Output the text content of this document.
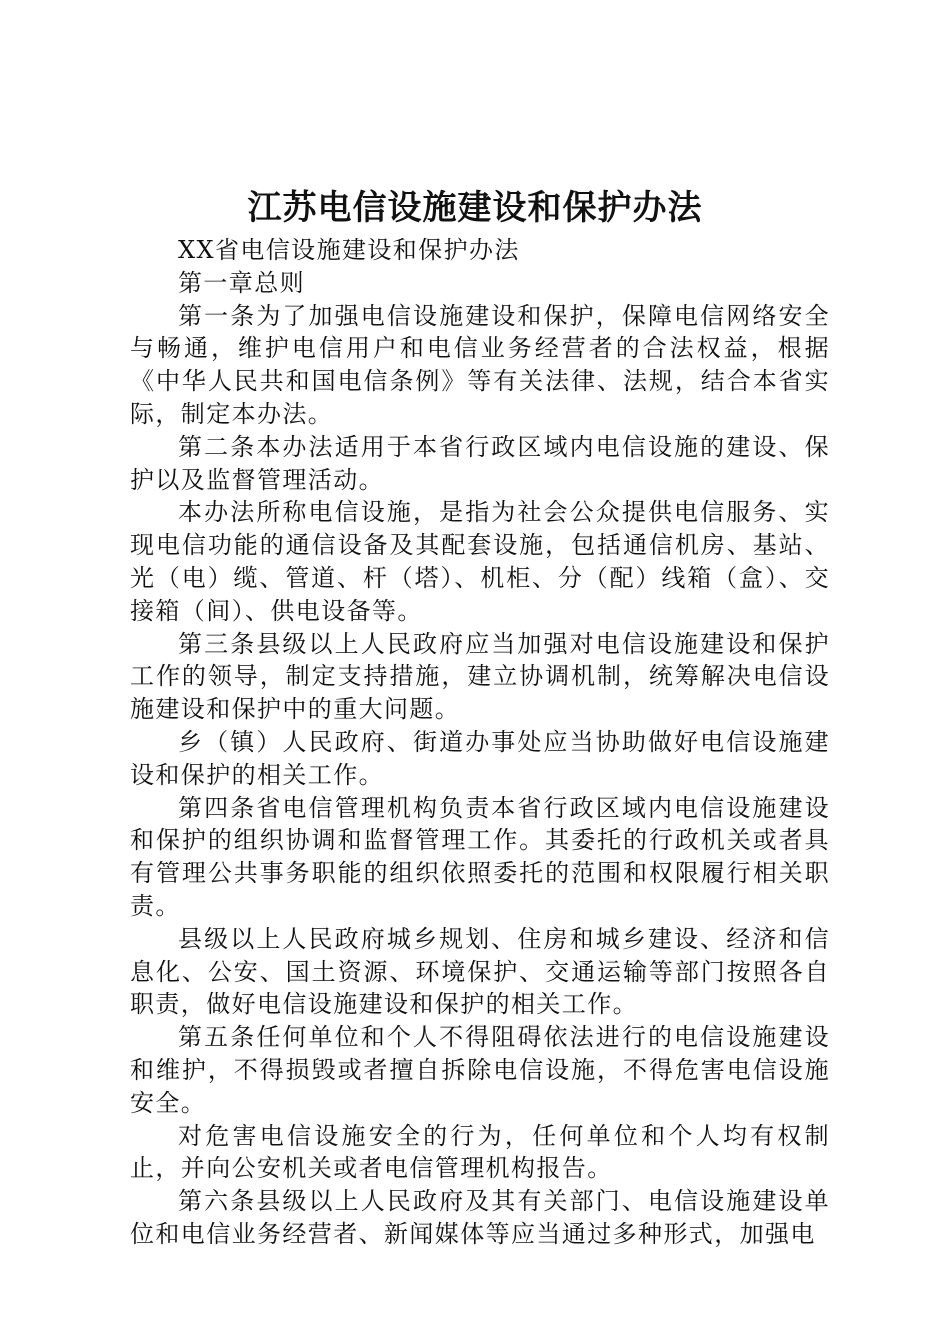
江苏电信设施建设和保护办法

XX省电信设施建设和保护办法

第一章总则

第一条为了加强电信设施建设和保护，保障电信网络安全与畅通，维护电信用户和电信业务经营者的合法权益，根据《中华人民共和国电信条例》等有关法律、法规，结合本省实际，制定本办法。

第二条本办法适用于本省行政区域内电信设施的建设、保护以及监督管理活动。

本办法所称电信设施，是指为社会公众提供电信服务、实现电信功能的通信设备及其配套设施，包括通信机房、基站、光（电）缆、管道、杆（塔）、机柜、分（配）线箱（盒）、交接箱（间）、供电设备等。

第三条县级以上人民政府应当加强对电信设施建设和保护工作的领导，制定支持措施，建立协调机制，统筹解决电信设施建设和保护中的重大问题。

乡（镇）人民政府、街道办事处应当协助做好电信设施建设和保护的相关工作。

第四条省电信管理机构负责本省行政区域内电信设施建设和保护的组织协调和监督管理工作。其委托的行政机关或者具有管理公共事务职能的组织依照委托的范围和权限履行相关职责。

县级以上人民政府城乡规划、住房和城乡建设、经济和信息化、公安、国土资源、环境保护、交通运输等部门按照各自职责，做好电信设施建设和保护的相关工作。

第五条任何单位和个人不得阻碍依法进行的电信设施建设和维护，不得损毁或者擅自拆除电信设施，不得危害电信设施安全。

对危害电信设施安全的行为，任何单位和个人均有权制止，并向公安机关或者电信管理机构报告。

第六条县级以上人民政府及其有关部门、电信设施建设单位和电信业务经营者、新闻媒体等应当通过多种形式，加强电
